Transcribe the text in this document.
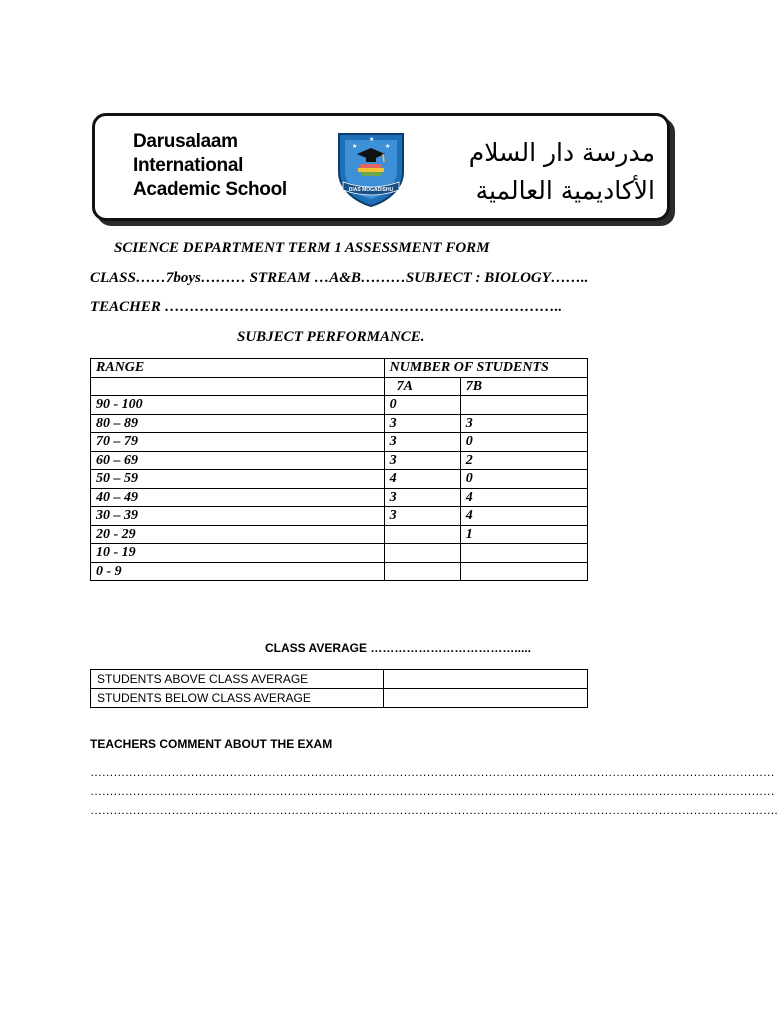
Darusalaam
International
Academic School
★	★
★
DIAS MOGADISHU
مدرسة دار السلام
الأكاديمية العالمية
SCIENCE DEPARTMENT TERM 1 ASSESSMENT FORM
CLASS……7boys……… STREAM …A&B………SUBJECT : BIOLOGY……..
TEACHER ……………………………………………………………………..
SUBJECT PERFORMANCE.
RANGE	NUMBER OF STUDENTS	
	7A	7B
90 - 100	0	
80 – 89	3	3
70 – 79	3	0
60 – 69	3	2
50 – 59	4	0
40 – 49	3	4
30 – 39	3	4
20 - 29		1
10 - 19		
0 - 9		
CLASS AVERAGE ……………………………….....
STUDENTS ABOVE CLASS AVERAGE	
STUDENTS BELOW CLASS AVERAGE	
TEACHERS COMMENT ABOUT THE EXAM
……………………………………………………………………………………………………………………………………………………………
……………………………………………………………………………………………………………………………………………………………
…………………………………………………………………………………………………………………………………………………………….
